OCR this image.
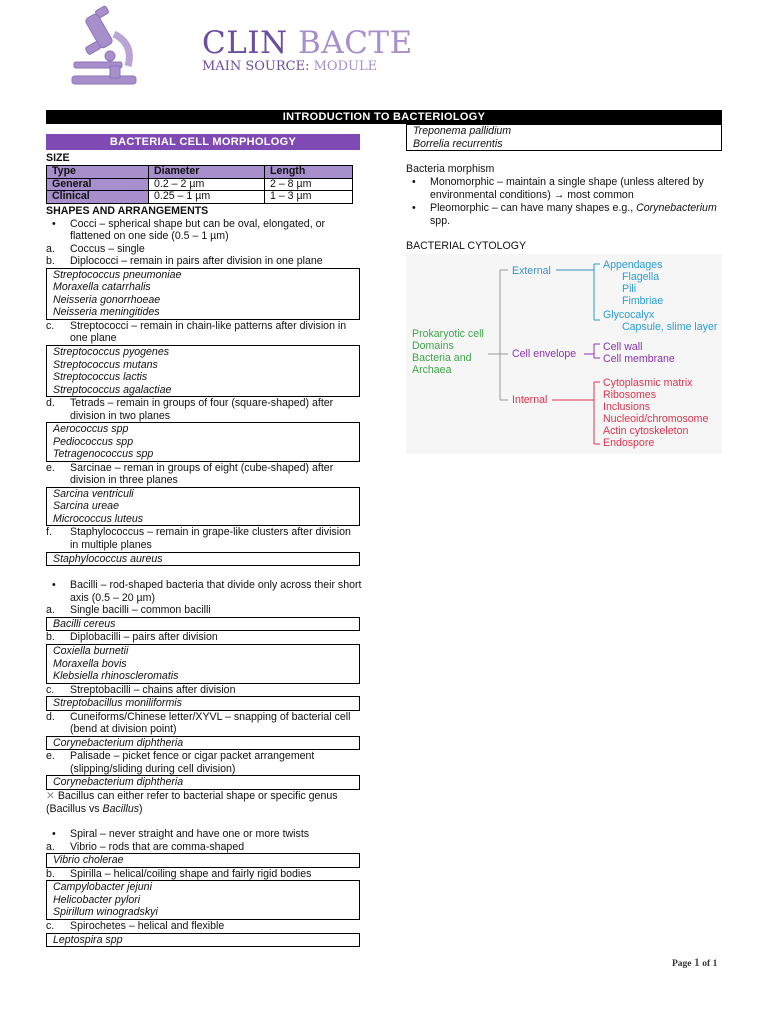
CLIN BACTE
MAIN SOURCE: MODULE
INTRODUCTION TO BACTERIOLOGY
BACTERIAL CELL MORPHOLOGY
SIZE
Type	Diameter	Length
General	0.2 – 2 µm	2 – 8 µm
Clinical	0.25 – 1 µm	1 – 3 µm
SHAPES AND ARRANGEMENTS
• Cocci – spherical shape but can be oval, elongated, or flattened on one side (0.5 – 1 µm)
a. Coccus – single
b. Diplococci – remain in pairs after division in one plane
Streptococcus pneumoniae
Moraxella catarrhalis
Neisseria gonorrhoeae
Neisseria meningitides
c. Streptococci – remain in chain-like patterns after division in one plane
Streptococcus pyogenes
Streptococcus mutans
Streptococcus lactis
Streptococcus agalactiae
d. Tetrads – remain in groups of four (square-shaped) after division in two planes
Aerococcus spp
Pediococcus spp
Tetragenococcus spp
e. Sarcinae – reman in groups of eight (cube-shaped) after division in three planes
Sarcina ventriculi
Sarcina ureae
Micrococcus luteus
f. Staphylococcus – remain in grape-like clusters after division in multiple planes
Staphylococcus aureus
• Bacilli – rod-shaped bacteria that divide only across their short axis (0.5 – 20 µm)
a. Single bacilli – common bacilli
Bacilli cereus
b. Diplobacilli – pairs after division
Coxiella burnetii
Moraxella bovis
Klebsiella rhinoscleromatis
c. Streptobacilli – chains after division
Streptobacillus moniliformis
d. Cuneiforms/Chinese letter/XYVL – snapping of bacterial cell (bend at division point)
Corynebacterium diphtheria
e. Palisade – picket fence or cigar packet arrangement (slipping/sliding during cell division)
Corynebacterium diphtheria
✕ Bacillus can either refer to bacterial shape or specific genus (Bacillus vs Bacillus)
• Spiral – never straight and have one or more twists
a. Vibrio – rods that are comma-shaped
Vibrio cholerae
b. Spirilla – helical/coiling shape and fairly rigid bodies
Campylobacter jejuni
Helicobacter pylori
Spirillum winogradskyi
c. Spirochetes – helical and flexible
Leptospira spp
Treponema pallidium
Borrelia recurrentis
Bacteria morphism
• Monomorphic – maintain a single shape (unless altered by environmental conditions) → most common
• Pleomorphic – can have many shapes e.g., Corynebacterium spp.
BACTERIAL CYTOLOGY
Prokaryotic cell
Domains
Bacteria and
Archaea
External
Cell envelope
Internal
Appendages
Flagella
Pili
Fimbriae
Glycocalyx
Capsule, slime layer
Cell wall
Cell membrane
Cytoplasmic matrix
Ribosomes
Inclusions
Nucleoid/chromosome
Actin cytoskeleton
Endospore
Page 1 of 1
